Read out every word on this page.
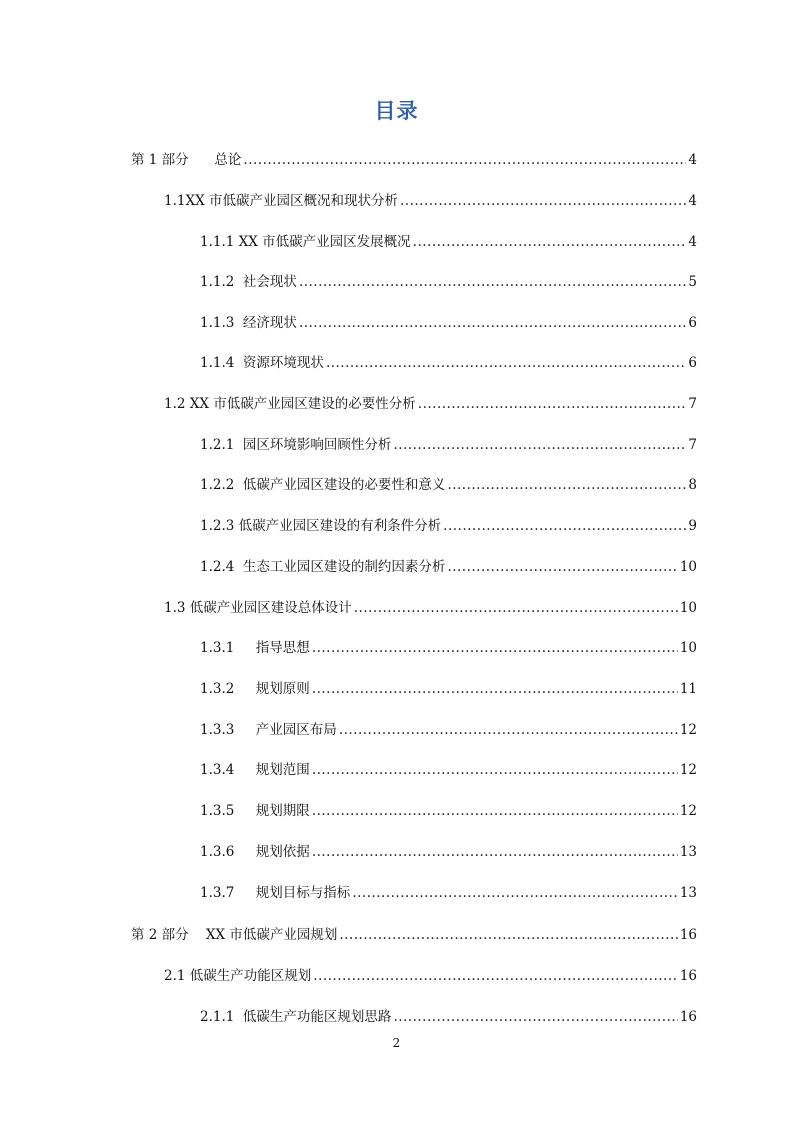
目录
第 1 部分      总论 .....	4
1.1XX 市低碳产业园区概况和现状分析 .....	4
1.1.1 XX 市低碳产业园区发展概况 .....	4
1.1.2  社会现状 .....	5
1.1.3  经济现状 .....	6
1.1.4  资源环境现状 .....	6
1.2 XX 市低碳产业园区建设的必要性分析 .....	7
1.2.1  园区环境影响回顾性分析 .....	7
1.2.2  低碳产业园区建设的必要性和意义 .....	8
1.2.3 低碳产业园区建设的有利条件分析 .....	9
1.2.4  生态工业园区建设的制约因素分析 .....	10
1.3 低碳产业园区建设总体设计 .....	10
1.3.1     指导思想 .....	10
1.3.2     规划原则 .....	11
1.3.3     产业园区布局 .....	12
1.3.4     规划范围 .....	12
1.3.5     规划期限 .....	12
1.3.6     规划依据 .....	13
1.3.7     规划目标与指标 .....	13
第 2 部分    XX 市低碳产业园规划 .....	16
2.1 低碳生产功能区规划 .....	16
2.1.1  低碳生产功能区规划思路 .....	16
2
